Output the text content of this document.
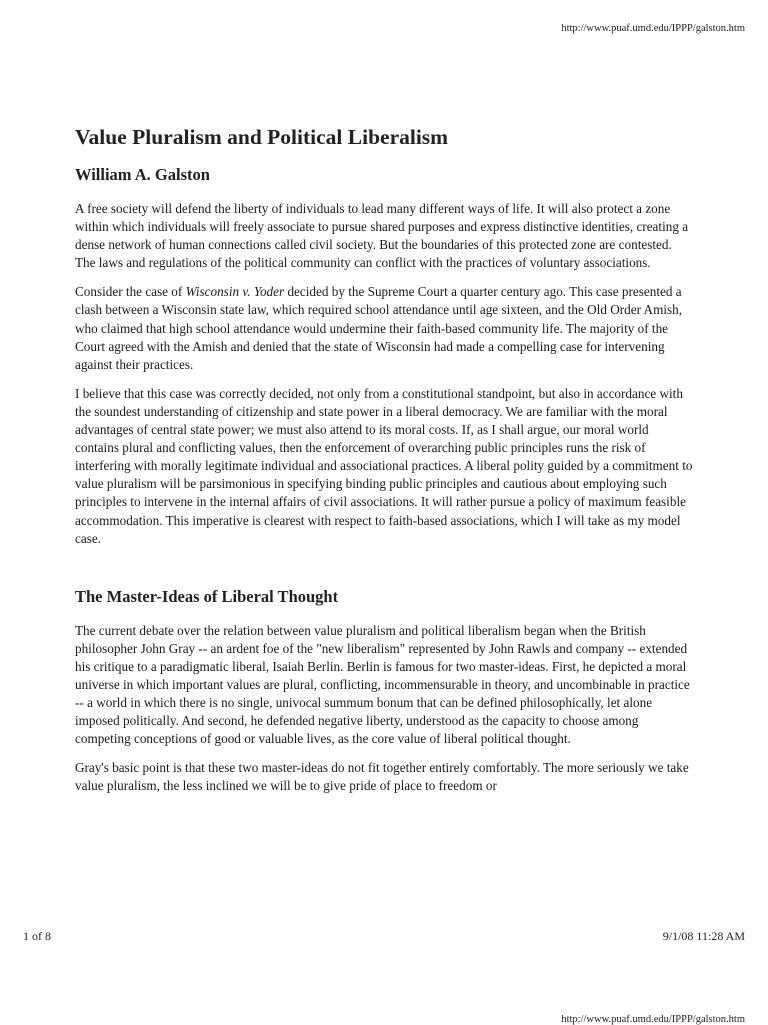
http://www.puaf.umd.edu/IPPP/galston.htm
Value Pluralism and Political Liberalism
William A. Galston

A free society will defend the liberty of individuals to lead many different ways of life. It will also protect a zone within which individuals will freely associate to pursue shared purposes and express distinctive identities, creating a dense network of human connections called civil society. But the boundaries of this protected zone are contested. The laws and regulations of the political community can conflict with the practices of voluntary associations.

Consider the case of Wisconsin v. Yoder decided by the Supreme Court a quarter century ago. This case presented a clash between a Wisconsin state law, which required school attendance until age sixteen, and the Old Order Amish, who claimed that high school attendance would undermine their faith-based community life. The majority of the Court agreed with the Amish and denied that the state of Wisconsin had made a compelling case for intervening against their practices.

I believe that this case was correctly decided, not only from a constitutional standpoint, but also in accordance with the soundest understanding of citizenship and state power in a liberal democracy. We are familiar with the moral advantages of central state power; we must also attend to its moral costs. If, as I shall argue, our moral world contains plural and conflicting values, then the enforcement of overarching public principles runs the risk of interfering with morally legitimate individual and associational practices. A liberal polity guided by a commitment to value pluralism will be parsimonious in specifying binding public principles and cautious about employing such principles to intervene in the internal affairs of civil associations. It will rather pursue a policy of maximum feasible accommodation. This imperative is clearest with respect to faith-based associations, which I will take as my model case.

The Master-Ideas of Liberal Thought

The current debate over the relation between value pluralism and political liberalism began when the British philosopher John Gray -- an ardent foe of the "new liberalism" represented by John Rawls and company -- extended his critique to a paradigmatic liberal, Isaiah Berlin. Berlin is famous for two master-ideas. First, he depicted a moral universe in which important values are plural, conflicting, incommensurable in theory, and uncombinable in practice -- a world in which there is no single, univocal summum bonum that can be defined philosophically, let alone imposed politically. And second, he defended negative liberty, understood as the capacity to choose among competing conceptions of good or valuable lives, as the core value of liberal political thought.

Gray's basic point is that these two master-ideas do not fit together entirely comfortably. The more seriously we take value pluralism, the less inclined we will be to give pride of place to freedom or

1 of 8	9/1/08 11:28 AM
http://www.puaf.umd.edu/IPPP/galston.htm
